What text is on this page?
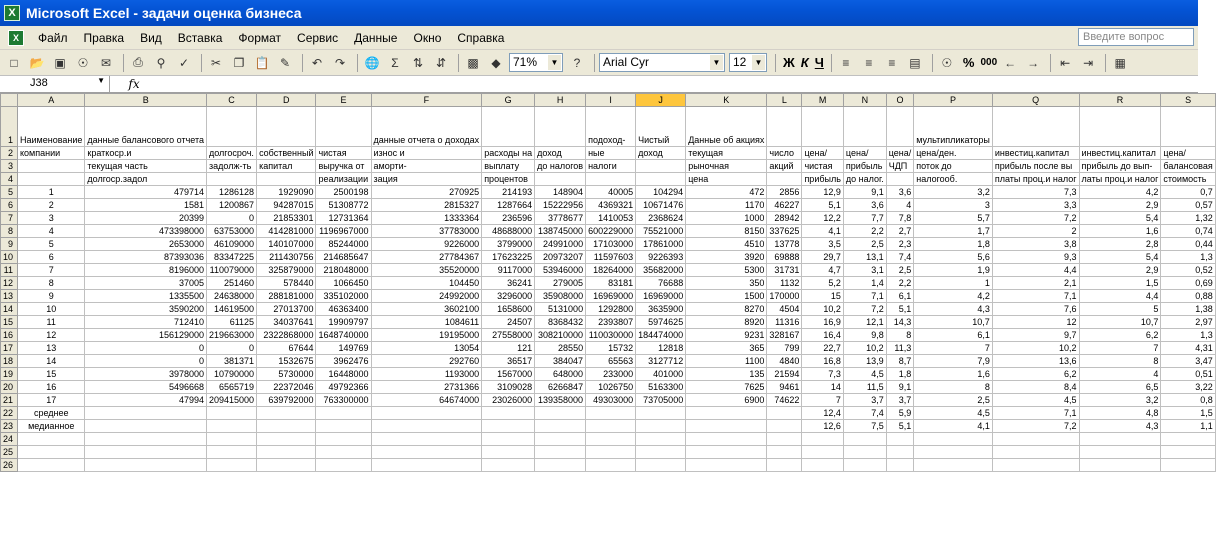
X Microsoft Excel - задачи оценка бизнеса
X	Файл	Правка	Вид	Вставка	Формат	Сервис	Данные	Окно	Справка	Введите вопрос
□ 📂 ▣ ☉	✉	⎙	⚲	✓	✂	❐ 📋 ✎	↶	↷	🌐 Σ	⇅	⇵	▩	◆	71%	▼	?	Arial Cyr	▼	12	▼ Ж К Ч	≡	≡	≡	▤	☉ % 000 ← →	⇤	⇥	▦
J38	▼	fx
	A	B	C	D	E	F	G	H	I	J	K	L	M	N	O	P	Q	R	S
1	Наименование	данные балансового отчета				данные отчета о доходах			подоход-	Чистый	Данные об акциях					мультипликаторы			
2	компании	краткоср.и	долгосроч.	собственный	чистая	износ и	расходы на	доход	ные	доход	текущая	число	цена/	цена/	цена/	цена/ден.	инвестиц.капитал	инвестиц.капитал	цена/
3		текущая часть	задолж-ть	капитал	выручка от	аморти-	выплату	до налогов	налоги		рыночная	акций	чистая	прибыль	ЧДП	поток до	прибыль после вы	прибыль до вып-	балансовая
4		долгоср.задол			реализации	зация	процентов				цена		прибыль	до налог.		налогооб.	платы проц.и налог	латы проц.и налог	стоимость
5	1	479714	1286128	1929090	2500198	270925	214193	148904	40005	104294	472	2856	12,9	9,1	3,6	3,2	7,3	4,2	0,7
6	2	1581	1200867	94287015	51308772	2815327	1287664	15222956	4369321	10671476	1170	46227	5,1	3,6	4	3	3,3	2,9	0,57
7	3	20399	0	21853301	12731364	1333364	236596	3778677	1410053	2368624	1000	28942	12,2	7,7	7,8	5,7	7,2	5,4	1,32
8	4	473398000	63753000	414281000	1196967000	37783000	48688000	138745000	600229000	75521000	8150	337625	4,1	2,2	2,7	1,7	2	1,6	0,74
9	5	2653000	46109000	140107000	85244000	9226000	3799000	24991000	17103000	17861000	4510	13778	3,5	2,5	2,3	1,8	3,8	2,8	0,44
10	6	87393036	83347225	211430756	214685647	27784367	17623225	20973207	11597603	9226393	3920	69888	29,7	13,1	7,4	5,6	9,3	5,4	1,3
11	7	8196000	110079000	325879000	218048000	35520000	9117000	53946000	18264000	35682000	5300	31731	4,7	3,1	2,5	1,9	4,4	2,9	0,52
12	8	37005	251460	578440	1066450	104450	36241	279005	83181	76688	350	1132	5,2	1,4	2,2	1	2,1	1,5	0,69
13	9	1335500	24638000	288181000	335102000	24992000	3296000	35908000	16969000	16969000	1500	170000	15	7,1	6,1	4,2	7,1	4,4	0,88
14	10	3590200	14619500	27013700	46363400	3602100	1658600	5131000	1292800	3635900	8270	4504	10,2	7,2	5,1	4,3	7,6	5	1,38
15	11	712410	61125	34037641	19909797	1084611	24507	8368432	2393807	5974625	8920	11316	16,9	12,1	14,3	10,7	12	10,7	2,97
16	12	156129000	219663000	2322868000	1648740000	19195000	27558000	308210000	110030000	184474000	9231	328167	16,4	9,8	8	6,1	9,7	6,2	1,3
17	13	0	0	67644	149769	13054	121	28550	15732	12818	365	799	22,7	10,2	11,3	7	10,2	7	4,31
18	14	0	381371	1532675	3962476	292760	36517	384047	65563	3127712	1100	4840	16,8	13,9	8,7	7,9	13,6	8	3,47
19	15	3978000	10790000	5730000	16448000	1193000	1567000	648000	233000	401000	135	21594	7,3	4,5	1,8	1,6	6,2	4	0,51
20	16	5496668	6565719	22372046	49792366	2731366	3109028	6266847	1026750	5163300	7625	9461	14	11,5	9,1	8	8,4	6,5	3,22
21	17	47994	209415000	639792000	763300000	64674000	23026000	139358000	49303000	73705000	6900	74622	7	3,7	3,7	2,5	4,5	3,2	0,8
22	среднее												12,4	7,4	5,9	4,5	7,1	4,8	1,5
23	медианное												12,6	7,5	5,1	4,1	7,2	4,3	1,1
24																			
25																			
26																			
